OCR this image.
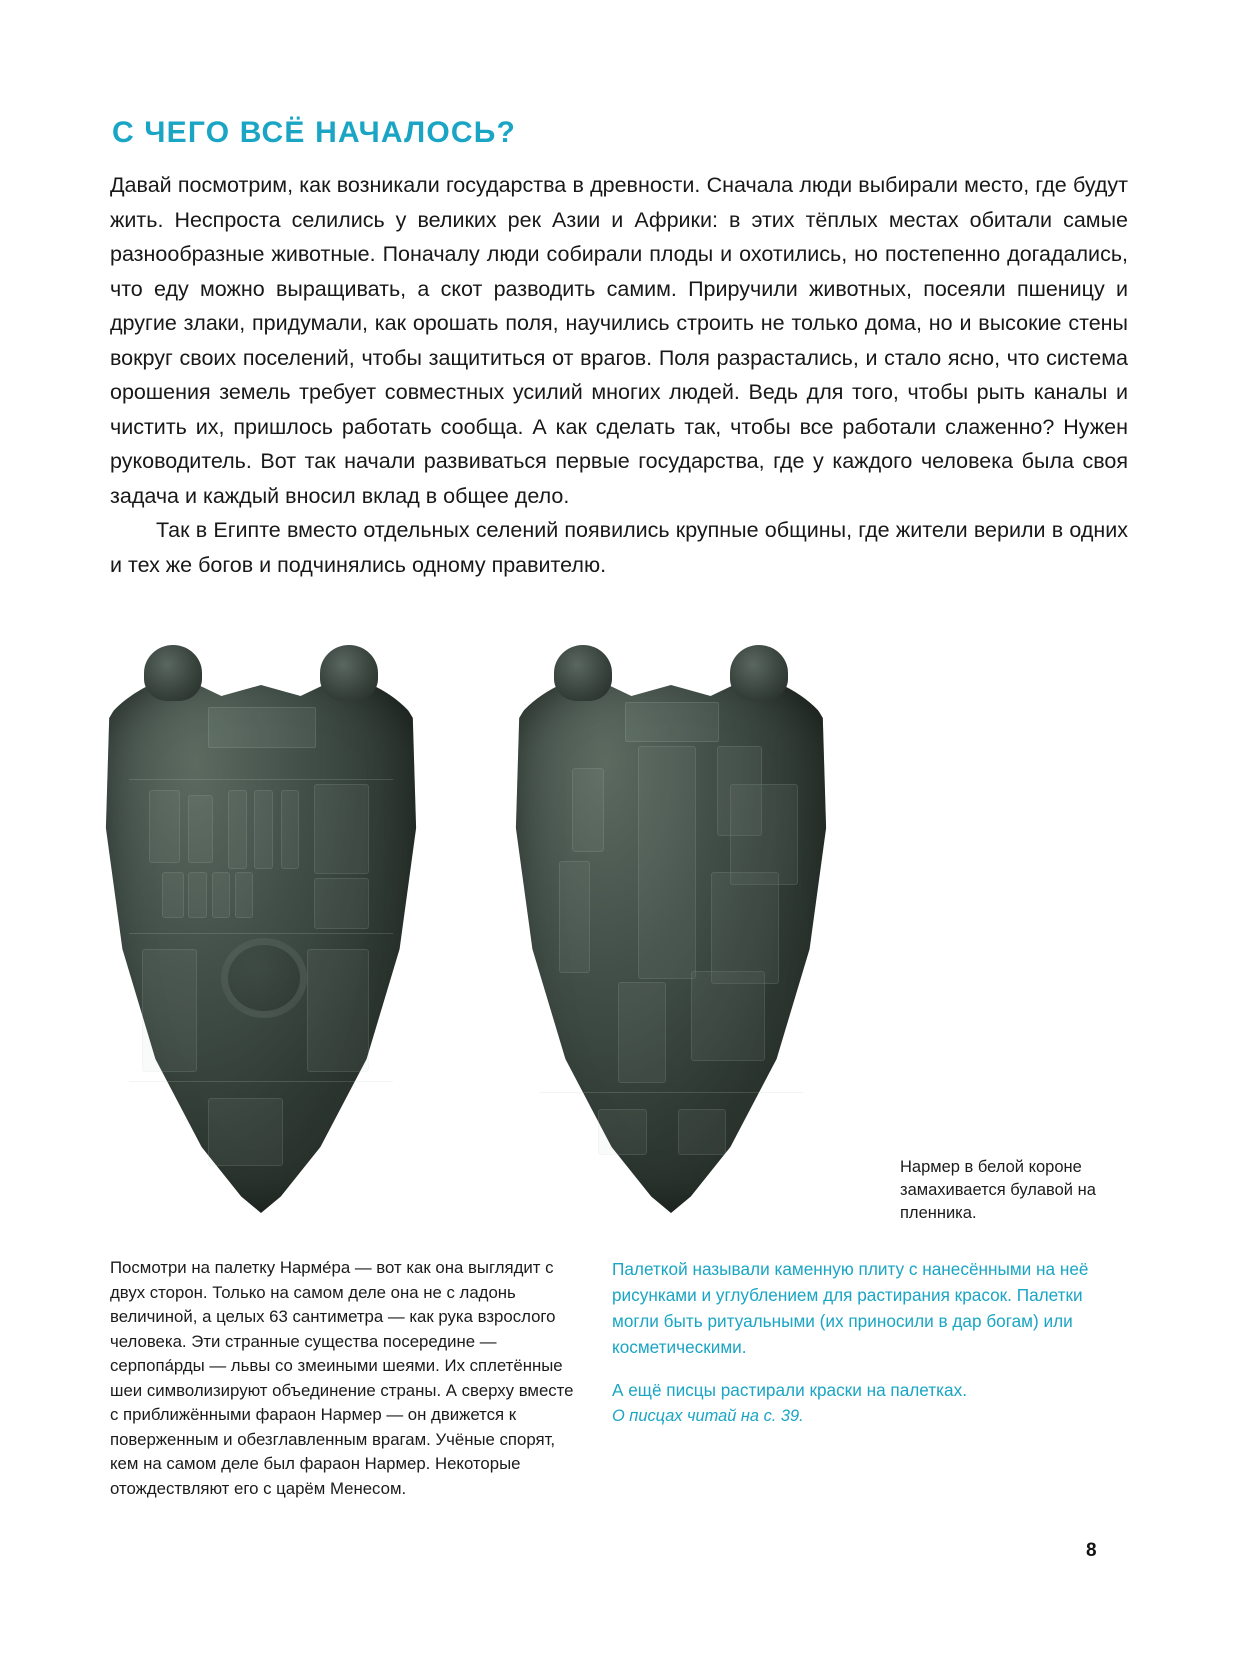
С ЧЕГО ВСЁ НАЧАЛОСЬ?

Давай посмотрим, как возникали государства в древности. Сначала люди выбирали место, где будут жить. Неспроста селились у великих рек Азии и Африки: в этих тёплых местах обитали самые разнообразные животные. Поначалу люди собирали плоды и охотились, но постепенно догадались, что еду можно выращивать, а скот разводить самим. Приручили животных, посеяли пшеницу и другие злаки, придумали, как орошать поля, научились строить не только дома, но и высокие стены вокруг своих поселений, чтобы защититься от врагов. Поля разрастались, и стало ясно, что система орошения земель требует совместных усилий многих людей. Ведь для того, чтобы рыть каналы и чистить их, пришлось работать сообща. А как сделать так, чтобы все работали слаженно? Нужен руководитель. Вот так начали развиваться первые государства, где у каждого человека была своя задача и каждый вносил вклад в общее дело.

Так в Египте вместо отдельных селений появились крупные общины, где жители верили в одних и тех же богов и подчинялись одному правителю.

Нармер в белой короне замахивается булавой на пленника.
Посмотри на палетку Нарме́ра — вот как она выглядит с двух сторон. Только на самом деле она не с ладонь величиной, а целых 63 сантиметра — как рука взрослого человека. Эти странные существа посередине — серпопа́рды — львы со змеиными шеями. Их сплетённые шеи символизируют объединение страны. А сверху вместе с приближёнными фараон Нармер — он движется к поверженным и обезглавленным врагам. Учёные спорят, кем на самом деле был фараон Нармер. Некоторые отождествляют его с царём Менесом.

Палеткой называли каменную плиту с нанесёнными на неё рисунками и углублением для растирания красок. Палетки могли быть ритуальными (их приносили в дар богам) или косметическими.

А ещё писцы растирали краски на палетках.

О писцах читай на с. 39.

8
